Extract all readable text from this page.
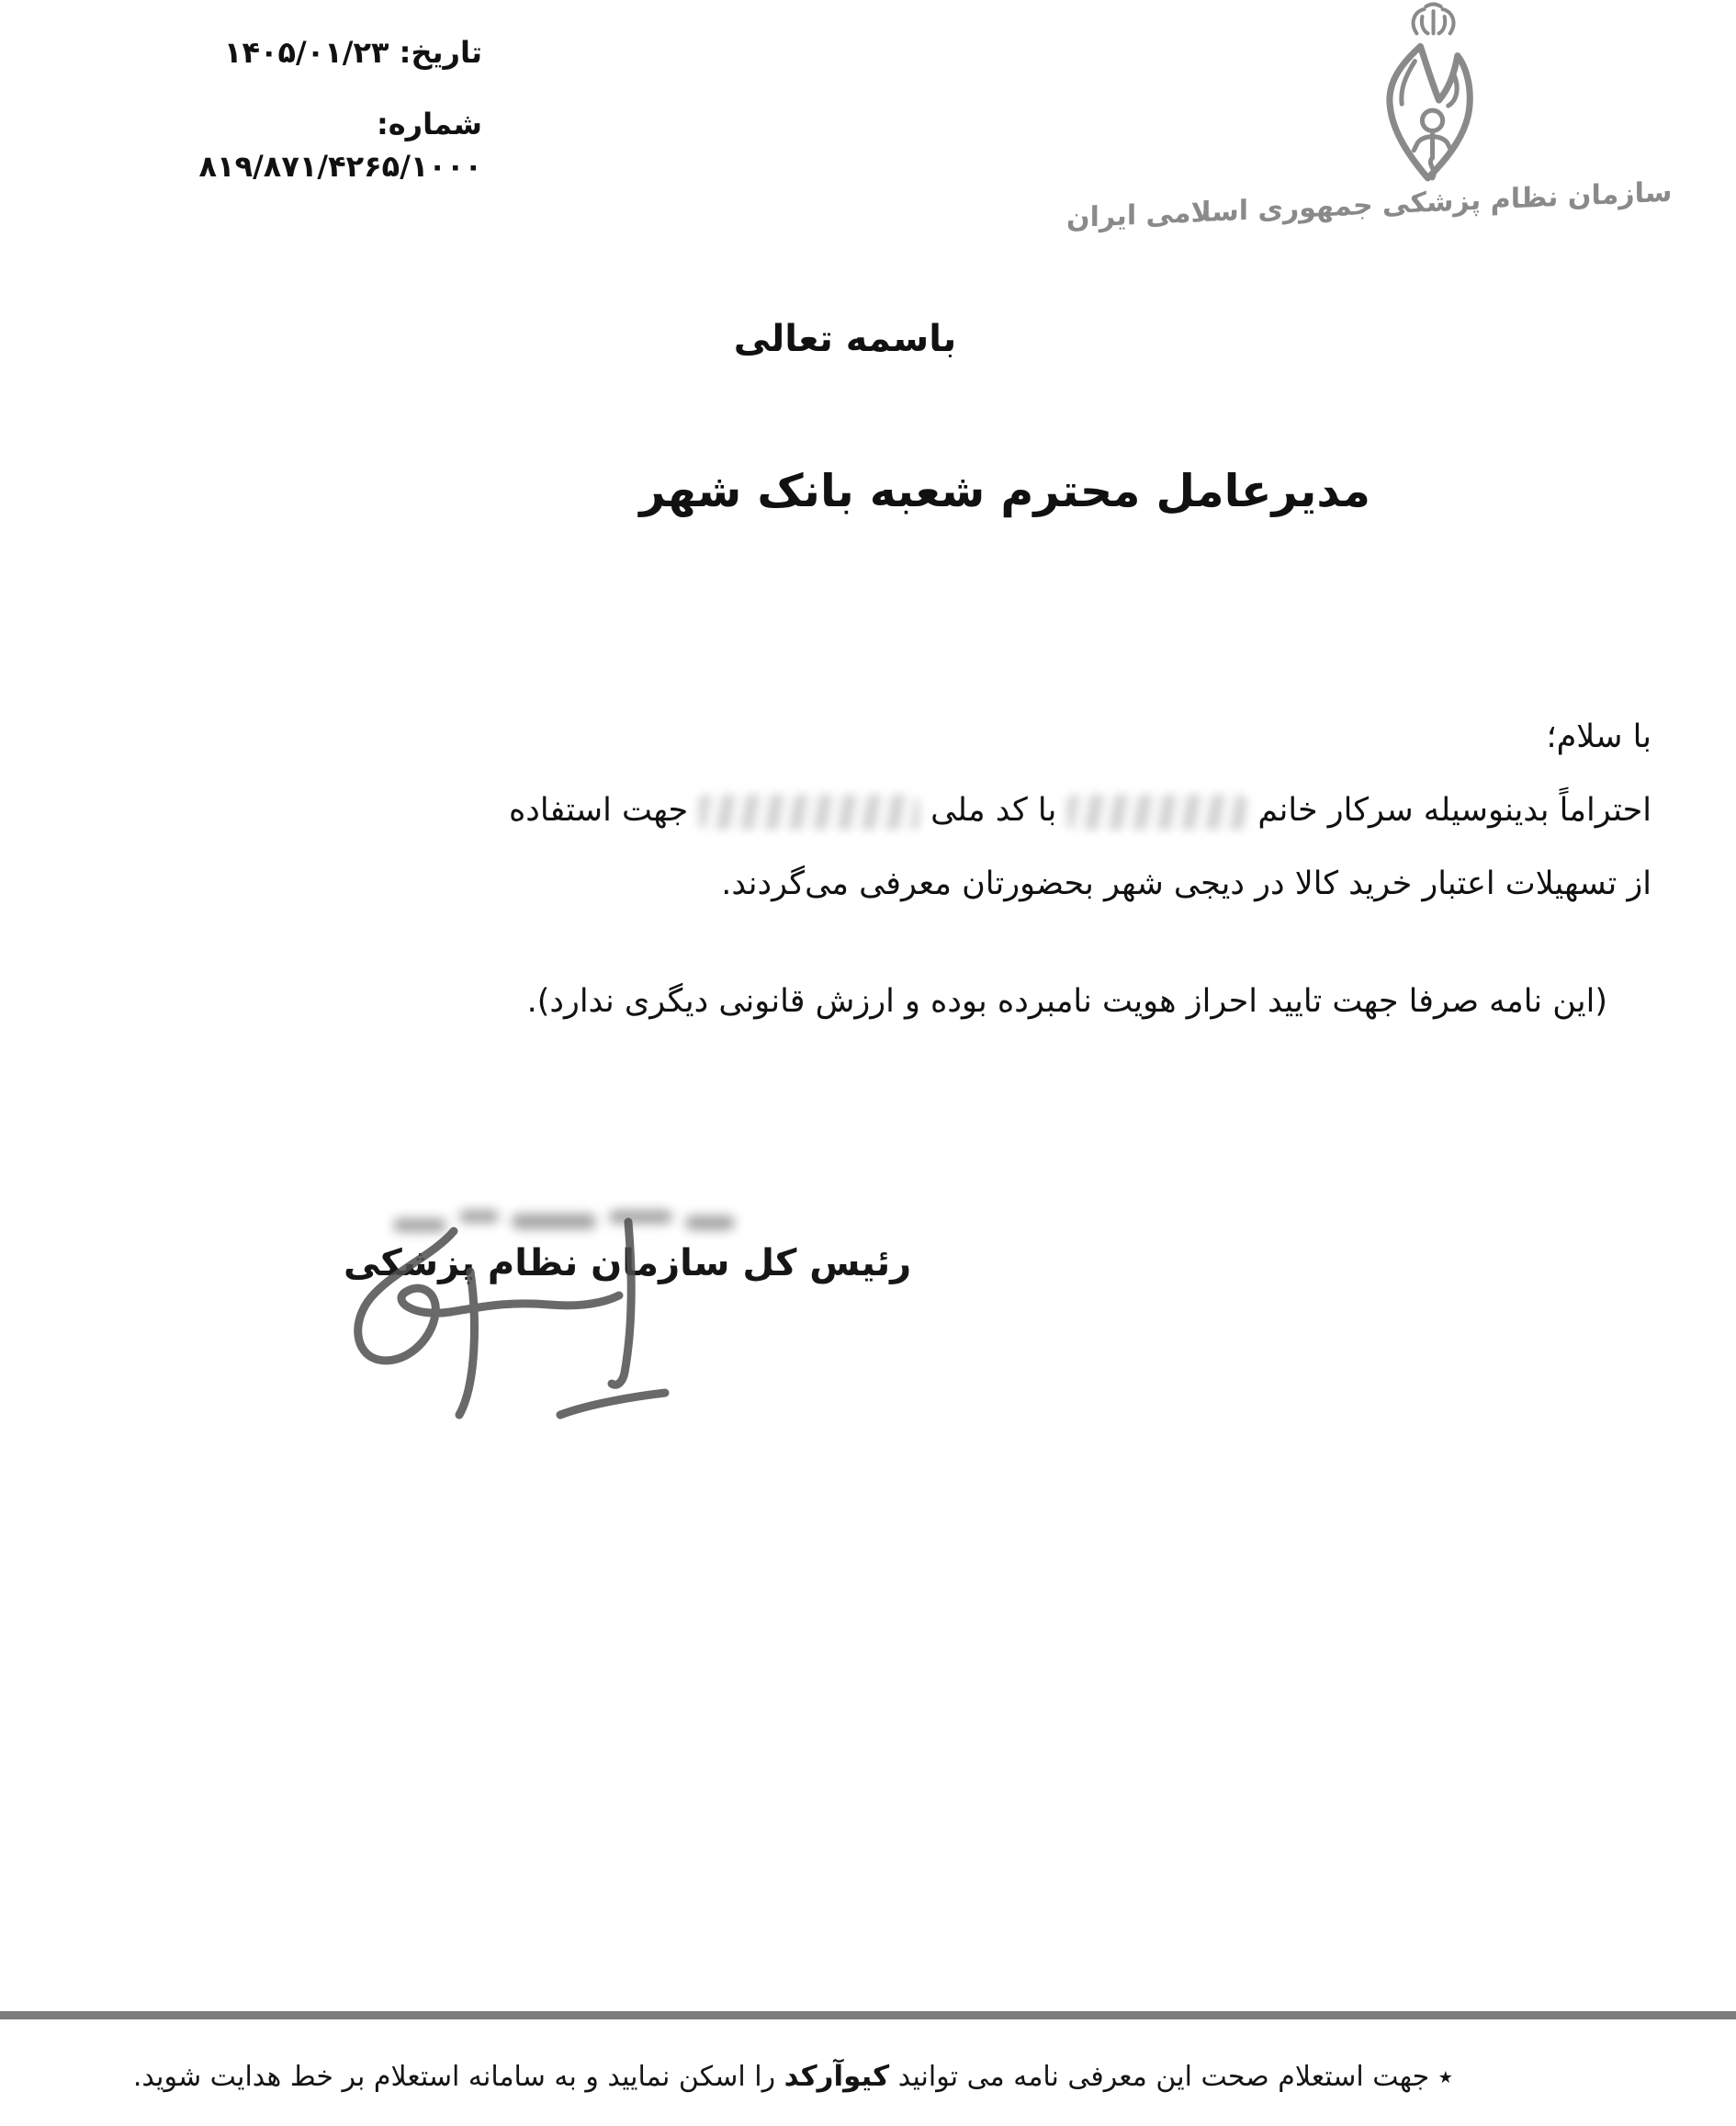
تاریخ: ۱۴۰۵/۰۱/۲۳
شماره: ۸۱۹/۸۷۱/۴۲۶۵/۱۰۰۰
سازمان نظام پزشکی جمهوری اسلامی ایران
باسمه تعالی
مدیرعامل محترم شعبه بانک شهر
با سلام؛
احتراماً بدینوسیله سرکار خانمبا کد ملیجهت استفاده
از تسهیلات اعتبار خرید کالا در دیجی شهر بحضورتان معرفی می‌گردند.
(این نامه صرفا جهت تایید احراز هویت نامبرده بوده و ارزش قانونی دیگری ندارد).
رئیس کل سازمان نظام پزشکی
٭ جهت استعلام صحت این معرفی نامه می توانید کیوآرکد را اسکن نمایید و به سامانه استعلام بر خط هدایت شوید.
